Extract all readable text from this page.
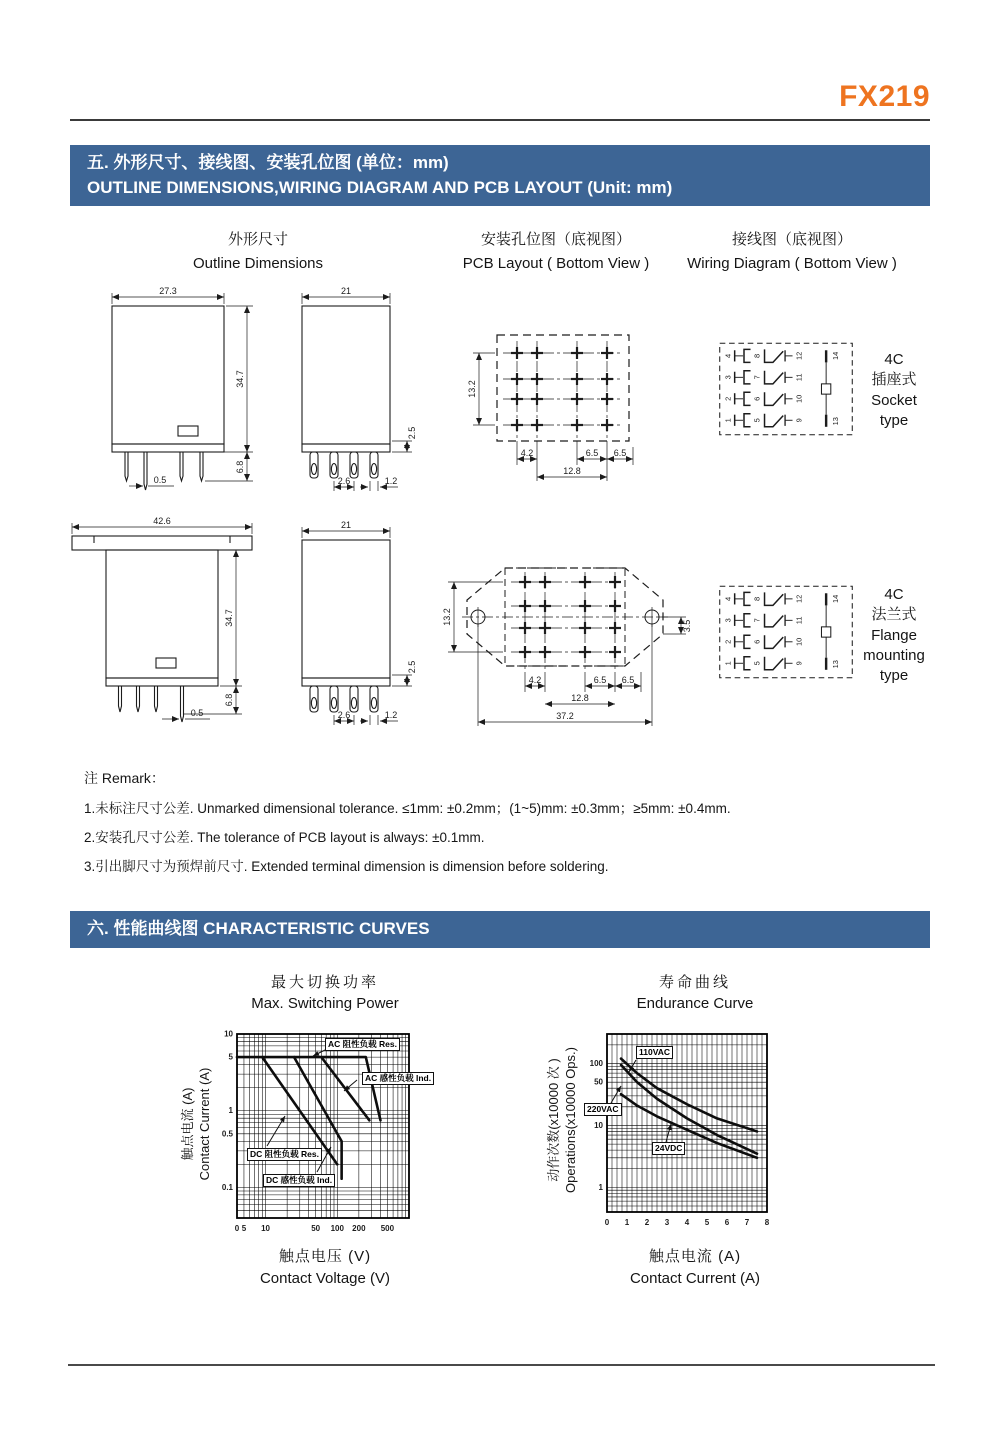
FX219
五. 外形尺寸、接线图、安装孔位图 (单位：mm)
OUTLINE DIMENSIONS,WIRING DIAGRAM AND PCB LAYOUT (Unit: mm)
外形尺寸
Outline Dimensions
安装孔位图（底视图）
PCB Layout ( Bottom View )
接线图（底视图）
Wiring Diagram ( Bottom View )
27.3
34.7
6.8
0.5
21
2.5
2.6	1.2
13.2
4.2	6.5 6.5
12.8
4 8	12
3 7	11
2 6	10
1 5	9
14
13
4C
插座式
Socket
type
42.6
34.7
6.8
0.5
21
2.5
2.6	1.2
13.2
4.2	6.5 6.5
12.8
37.2
3.5
4 8	12
3 7	11
2 6	10
1 5	9
14
13
4C
法兰式
Flange
mounting
type
注 Remark：
1.未标注尺寸公差. Unmarked dimensional tolerance. ≤1mm: ±0.2mm；(1~5)mm: ±0.3mm；≥5mm: ±0.4mm.
2.安装孔尺寸公差. The tolerance of PCB layout is always: ±0.1mm.
3.引出脚尺寸为预焊前尺寸. Extended terminal dimension is dimension before soldering.
六. 性能曲线图 CHARACTERISTIC CURVES
最大切换功率
Max. Switching Power
触点电流 (A) Contact Current (A)
0 5 10	50 100 200 500
10
5
1
0.5
0.1
AC 阻性负载 Res.
AC 感性负载 Ind.
DC 阻性负载 Res.
DC 感性负载 Ind.
触点电压 (V)
Contact Voltage (V)
寿命曲线
Endurance Curve
动作次数(x10000 次 ) Operations(x10000 Ops.)
0 1 2 3 4 5 6 7 8
100
50
10
1
110VAC
220VAC
24VDC
触点电流 (A)
Contact Current (A)
